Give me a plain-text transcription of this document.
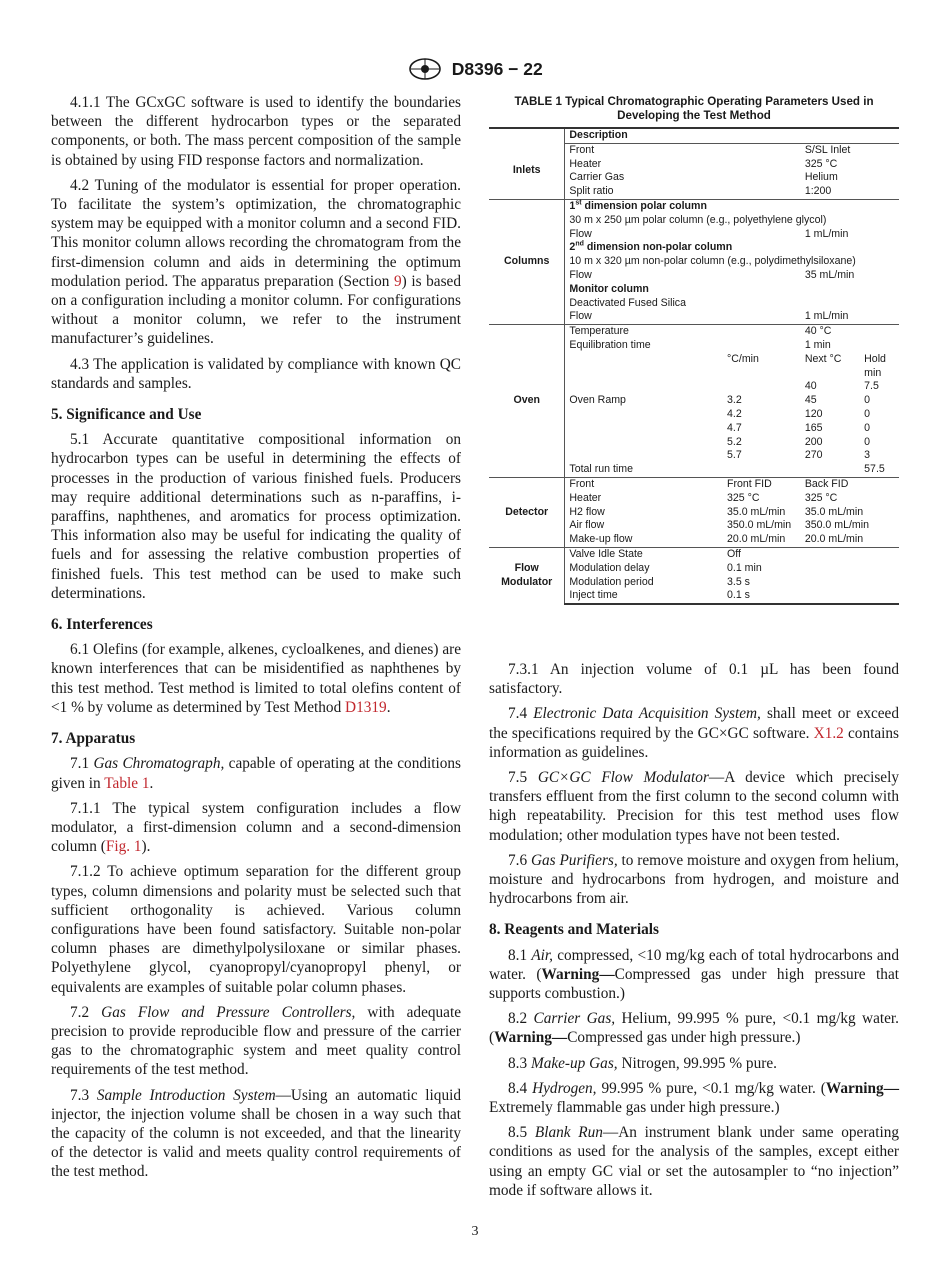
D8396 − 22

4.1.1 The GCxGC software is used to identify the boundaries between the different hydrocarbon types or the separated components, or both. The mass percent composition of the sample is obtained by using FID response factors and normalization.

4.2 Tuning of the modulator is essential for proper operation. To facilitate the system’s optimization, the chromatographic system may be equipped with a monitor column and a second FID. This monitor column allows recording the chromatogram from the first-dimension column and aids in determining the optimum modulation period. The apparatus preparation (Section 9) is based on a configuration including a monitor column. For configurations without a monitor column, we refer to the instrument manufacturer’s guidelines.

4.3 The application is validated by compliance with known QC standards and samples.

5. Significance and Use

5.1 Accurate quantitative compositional information on hydrocarbon types can be useful in determining the effects of processes in the production of various finished fuels. Producers may require additional determinations such as n-paraffins, i-paraffins, naphthenes, and aromatics for process optimization. This information also may be useful for indicating the quality of fuels and for assessing the relative combustion properties of finished fuels. This test method can be used to make such determinations.

6. Interferences

6.1 Olefins (for example, alkenes, cycloalkenes, and dienes) are known interferences that can be misidentified as naphthenes by this test method. Test method is limited to total olefins content of <1 % by volume as determined by Test Method D1319.

7. Apparatus

7.1 Gas Chromatograph, capable of operating at the conditions given in Table 1.

7.1.1 The typical system configuration includes a flow modulator, a first-dimension column and a second-dimension column (Fig. 1).

7.1.2 To achieve optimum separation for the different group types, column dimensions and polarity must be selected such that sufficient orthogonality is achieved. Various column configurations have been found satisfactory. Suitable non-polar column phases are dimethylpolysiloxane or similar phases. Polyethylene glycol, cyanopropyl/cyanopropyl phenyl, or equivalents are examples of suitable polar column phases.

7.2 Gas Flow and Pressure Controllers, with adequate precision to provide reproducible flow and pressure of the carrier gas to the chromatographic system and meet quality control requirements of the test method.

7.3 Sample Introduction System—Using an automatic liquid injector, the injection volume shall be chosen in a way such that the capacity of the column is not exceeded, and that the linearity of the detector is valid and meets quality control requirements of the test method.

TABLE 1 Typical Chromatographic Operating Parameters Used in Developing the Test Method
	Description			
Inlets	Front		S/SL Inlet	
	Heater		325 °C	
	Carrier Gas		Helium	
	Split ratio		1:200	
Columns	1st dimension polar column			
	30 m x 250 µm polar column (e.g., polyethylene glycol)			
	Flow		1 mL/min	
	2nd dimension non-polar column			
	10 m x 320 µm non-polar column (e.g., polydimethylsiloxane)			
	Flow		35 mL/min	
	Monitor column			
	Deactivated Fused Silica			
	Flow		1 mL/min	
Oven	Temperature		40 °C	
	Equilibration time		1 min	
		°C/min	Next °C	Hold min
			40	7.5
	Oven Ramp	3.2	45	0
		4.2	120	0
		4.7	165	0
		5.2	200	0
		5.7	270	3
	Total run time			57.5

Detector	Front	Front FID	Back FID	
	Heater	325 °C	325 °C	
	H2 flow	35.0 mL/min	35.0 mL/min	
	Air flow	350.0 mL/min	350.0 mL/min	
	Make-up flow	20.0 mL/min	20.0 mL/min	
Flow
Modulator	Valve Idle State	Off		
	Modulation delay	0.1 min		
	Modulation period	3.5 s		
	Inject time	0.1 s		

7.3.1 An injection volume of 0.1 µL has been found satisfactory.

7.4 Electronic Data Acquisition System, shall meet or exceed the specifications required by the GC×GC software. X1.2 contains information as guidelines.

7.5 GC×GC Flow Modulator—A device which precisely transfers effluent from the first column to the second column with high repeatability. Precision for this test method uses flow modulation; other modulation types have not been tested.

7.6 Gas Purifiers, to remove moisture and oxygen from helium, moisture and hydrocarbons from hydrogen, and moisture and hydrocarbons from air.

8. Reagents and Materials

8.1 Air, compressed, <10 mg/kg each of total hydrocarbons and water. (Warning—Compressed gas under high pressure that supports combustion.)

8.2 Carrier Gas, Helium, 99.995 % pure, <0.1 mg/kg water. (Warning—Compressed gas under high pressure.)

8.3 Make-up Gas, Nitrogen, 99.995 % pure.

8.4 Hydrogen, 99.995 % pure, <0.1 mg/kg water. (Warning—Extremely flammable gas under high pressure.)

8.5 Blank Run—An instrument blank under same operating conditions as used for the analysis of the samples, except either using an empty GC vial or set the autosampler to “no injection” mode if software allows it.

3
